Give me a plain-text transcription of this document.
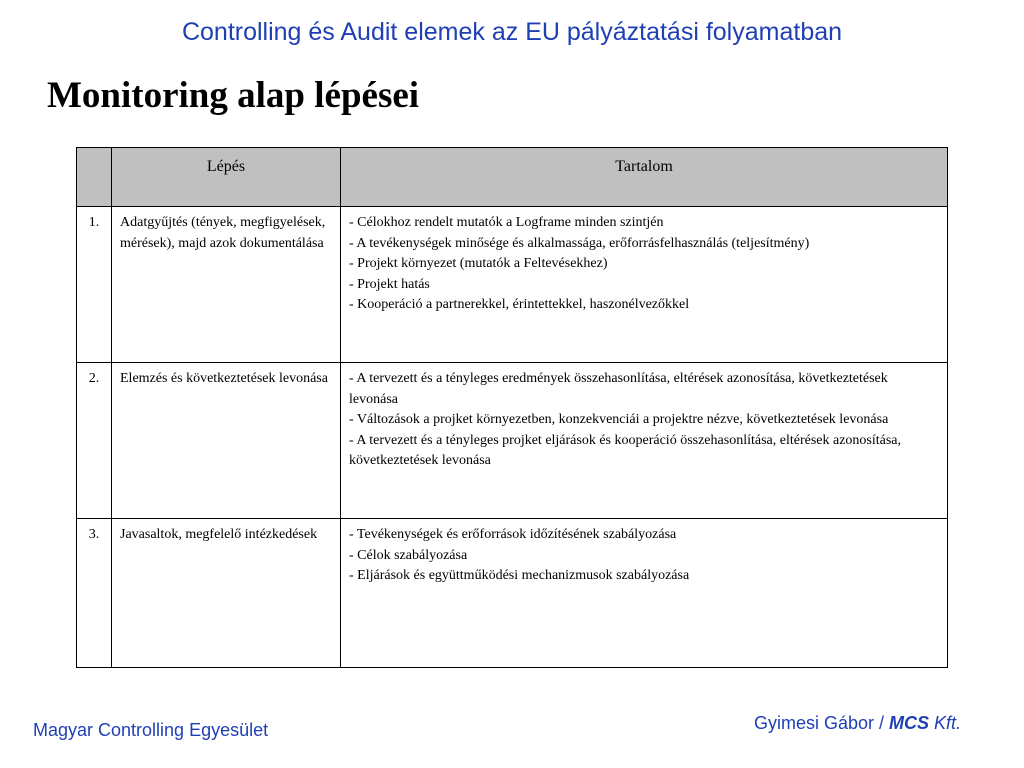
Controlling és Audit elemek az EU pályáztatási folyamatban
Monitoring alap lépései
	Lépés	Tartalom
1.	Adatgyűjtés (tények, megfigyelések, mérések), majd azok dokumentálása	- Célokhoz rendelt mutatók a Logframe minden szintjén
- A tevékenységek minősége és alkalmassága, erőforrásfelhasználás (teljesítmény)
- Projekt környezet (mutatók a Feltevésekhez)
- Projekt hatás
- Kooperáció a partnerekkel, érintettekkel, haszonélvezőkkel

2.	Elemzés és következtetések levonása	- A tervezett és a tényleges eredmények összehasonlítása, eltérések azonosítása, következtetések levonása
- Változások a projket környezetben, konzekvenciái a projektre nézve, következtetések levonása
- A tervezett és a tényleges projket eljárások és kooperáció összehasonlítása, eltérések azonosítása, következtetések levonása

3.	Javasaltok, megfelelő intézkedések	- Tevékenységek és erőforrások időzítésének szabályozása
- Célok szabályozása
- Eljárások és együttműködési mechanizmusok szabályozása
Magyar Controlling Egyesület	Gyimesi Gábor / MCS Kft.
